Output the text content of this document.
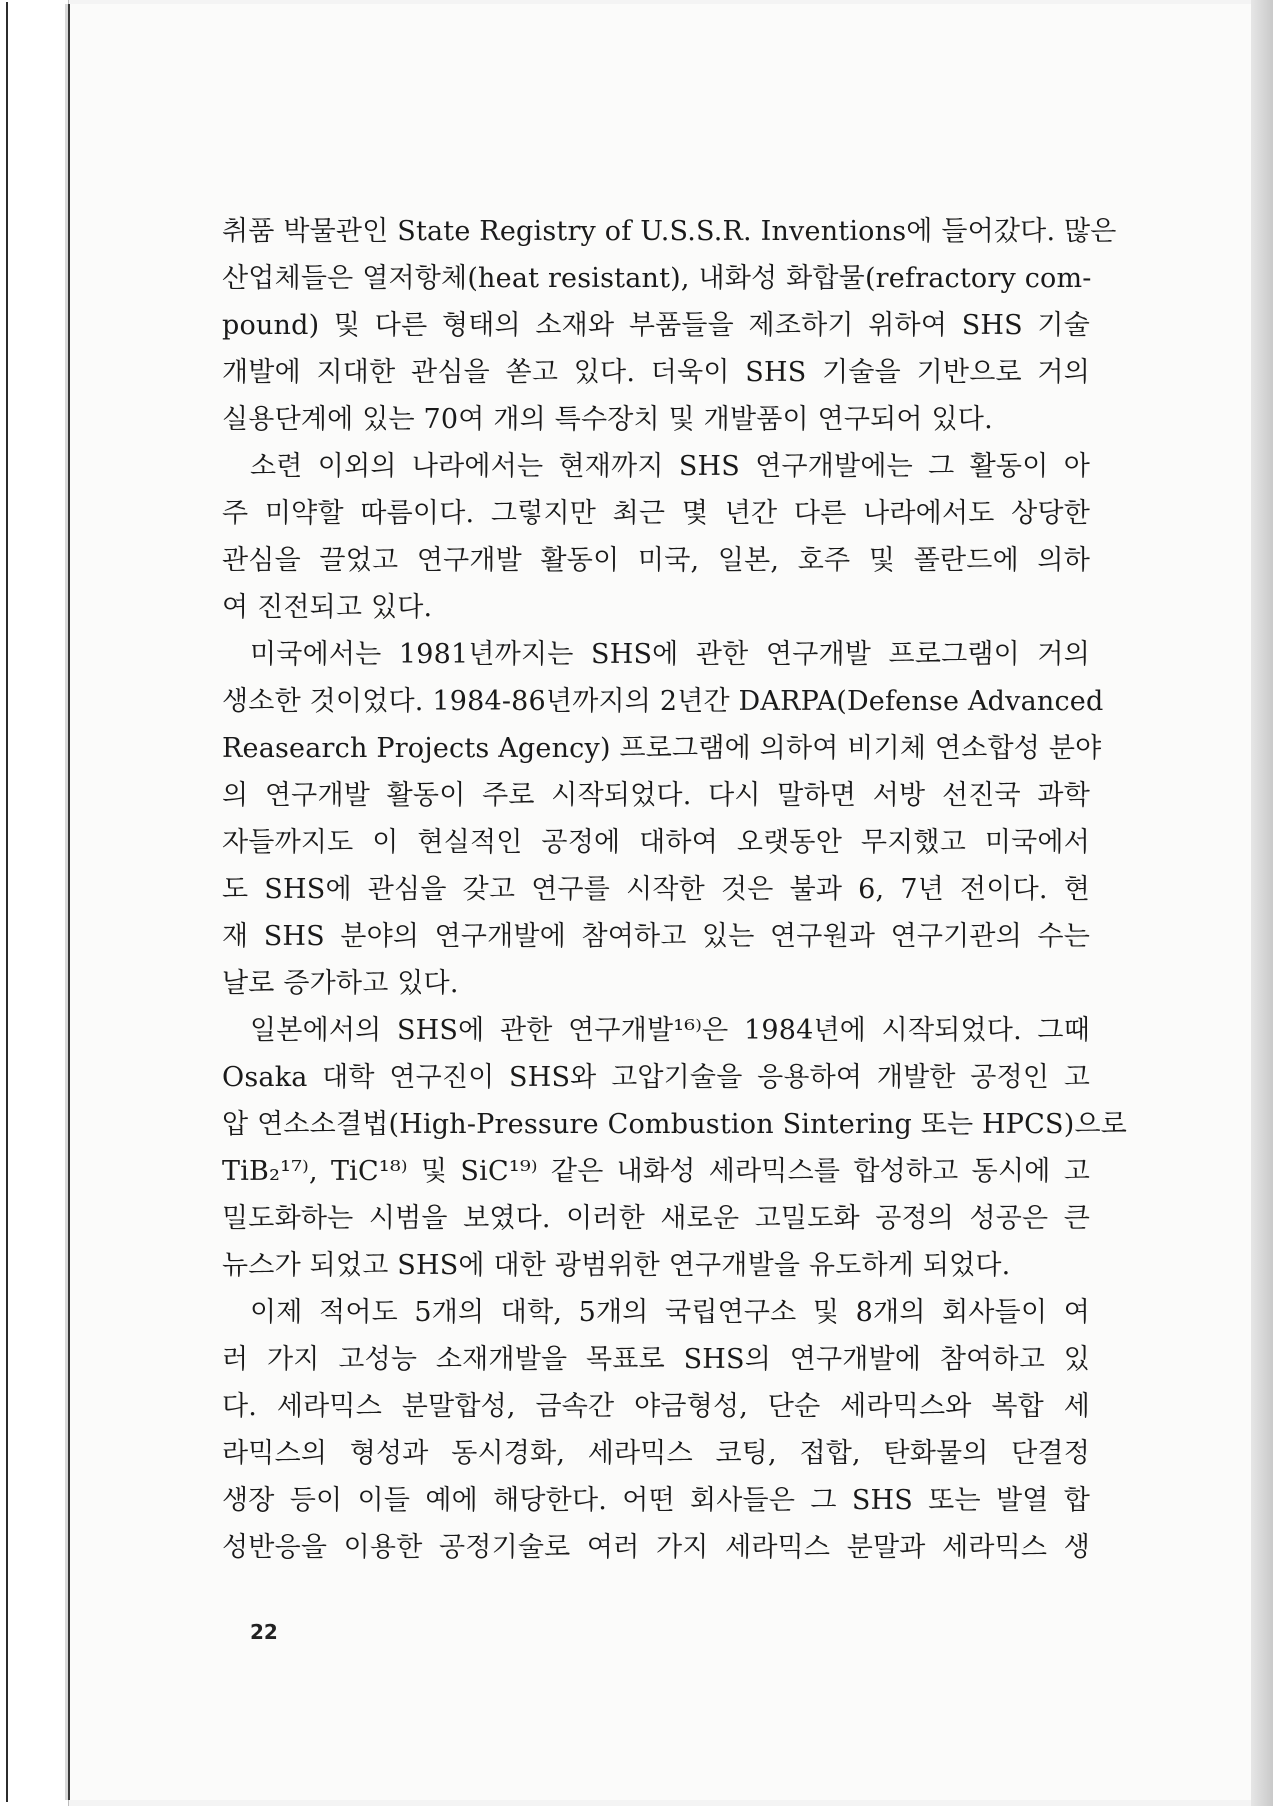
취품 박물관인 State Registry of U.S.S.R. Inventions에 들어갔다. 많은
산업체들은 열저항체(heat resistant), 내화성 화합물(refractory com-
pound) 및 다른 형태의 소재와 부품들을 제조하기 위하여 SHS 기술
개발에 지대한 관심을 쏟고 있다. 더욱이 SHS 기술을 기반으로 거의
실용단계에 있는 70여 개의 특수장치 및 개발품이 연구되어 있다.
소련 이외의 나라에서는 현재까지 SHS 연구개발에는 그 활동이 아
주 미약할 따름이다. 그렇지만 최근 몇 년간 다른 나라에서도 상당한
관심을 끌었고 연구개발 활동이 미국, 일본, 호주 및 폴란드에 의하
여 진전되고 있다.
미국에서는 1981년까지는 SHS에 관한 연구개발 프로그램이 거의
생소한 것이었다. 1984-86년까지의 2년간 DARPA(Defense Advanced
Reasearch Projects Agency) 프로그램에 의하여 비기체 연소합성 분야
의 연구개발 활동이 주로 시작되었다. 다시 말하면 서방 선진국 과학
자들까지도 이 현실적인 공정에 대하여 오랫동안 무지했고 미국에서
도 SHS에 관심을 갖고 연구를 시작한 것은 불과 6, 7년 전이다. 현
재 SHS 분야의 연구개발에 참여하고 있는 연구원과 연구기관의 수는
날로 증가하고 있다.
일본에서의 SHS에 관한 연구개발¹⁶⁾은 1984년에 시작되었다. 그때
Osaka 대학 연구진이 SHS와 고압기술을 응용하여 개발한 공정인 고
압 연소소결법(High-Pressure Combustion Sintering 또는 HPCS)으로
TiB₂¹⁷⁾, TiC¹⁸⁾ 및 SiC¹⁹⁾ 같은 내화성 세라믹스를 합성하고 동시에 고
밀도화하는 시범을 보였다. 이러한 새로운 고밀도화 공정의 성공은 큰
뉴스가 되었고 SHS에 대한 광범위한 연구개발을 유도하게 되었다.
이제 적어도 5개의 대학, 5개의 국립연구소 및 8개의 회사들이 여
러 가지 고성능 소재개발을 목표로 SHS의 연구개발에 참여하고 있
다. 세라믹스 분말합성, 금속간 야금형성, 단순 세라믹스와 복합 세
라믹스의 형성과 동시경화, 세라믹스 코팅, 접합, 탄화물의 단결정
생장 등이 이들 예에 해당한다. 어떤 회사들은 그 SHS 또는 발열 합
성반응을 이용한 공정기술로 여러 가지 세라믹스 분말과 세라믹스 생
22
